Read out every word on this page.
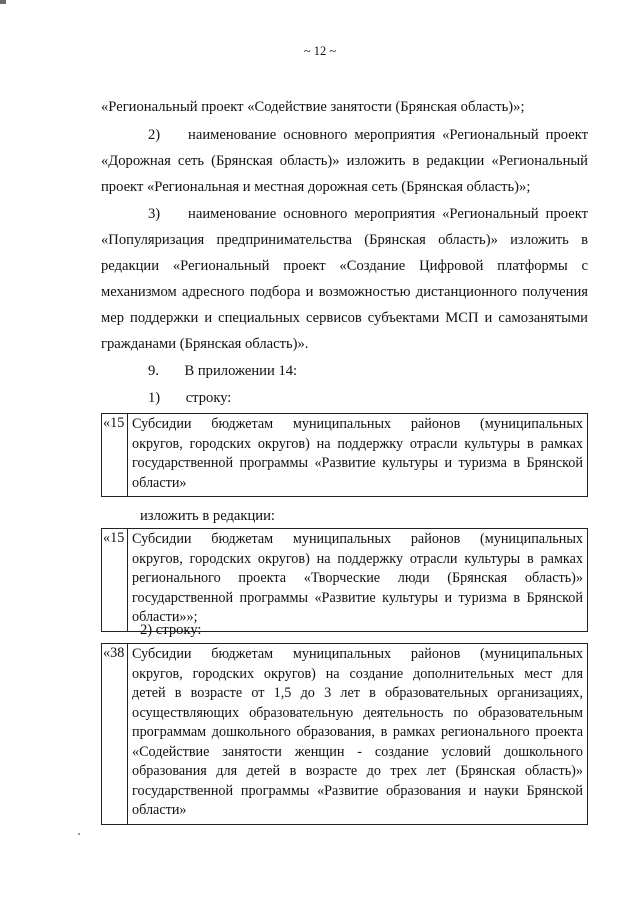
~ 12 ~
«Региональный проект «Содействие занятости (Брянская область)»;
2)    наименование основного мероприятия «Региональный проект
«Дорожная сеть (Брянская область)» изложить в редакции «Региональный
проект «Региональная и местная дорожная сеть (Брянская область)»;
3)    наименование основного мероприятия «Региональный проект
«Популяризация предпринимательства (Брянская область)» изложить в
редакции «Региональный проект «Создание Цифровой платформы с
механизмом адресного подбора и возможностью дистанционного получения
мер поддержки и специальных сервисов субъектами МСП и самозанятыми
гражданами (Брянская область)».
9.       В приложении 14:
1)       строку:
«15	Субсидии бюджетам муниципальных районов (муниципальных
округов, городских округов) на поддержку отрасли культуры в рамках
государственной программы «Развитие культуры и туризма в Брянской
области»
изложить в редакции:
«15	Субсидии бюджетам муниципальных районов (муниципальных
округов, городских округов) на поддержку отрасли культуры в рамках
регионального проекта «Творческие люди (Брянская область)»
государственной программы «Развитие культуры и туризма в Брянской
области»»;
2) строку:
«38	Субсидии бюджетам муниципальных районов (муниципальных
округов, городских округов) на создание дополнительных мест для
детей в возрасте от 1,5 до 3 лет в образовательных организациях,
осуществляющих образовательную деятельность по образовательным
программам дошкольного образования, в рамках регионального проекта
«Содействие занятости женщин - создание условий дошкольного
образования для детей в возрасте до трех лет (Брянская область)»
государственной программы «Развитие образования и науки Брянской
области»
